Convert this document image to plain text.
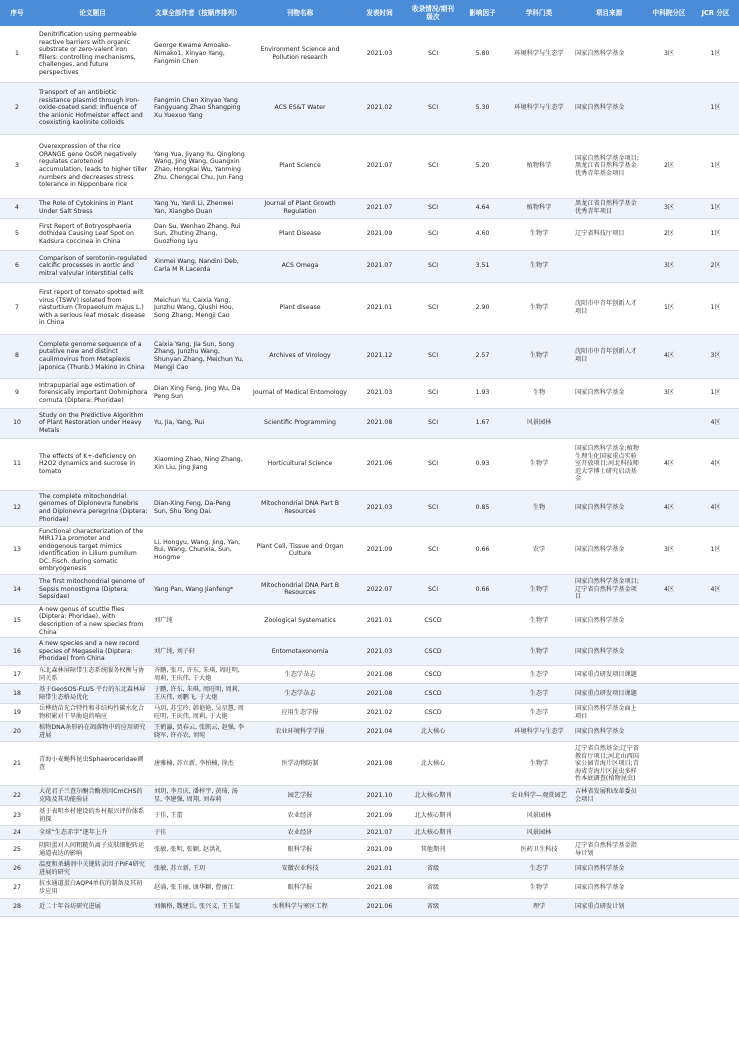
序号	论文题目	文章全部作者（按顺序排列）	刊物名称	发表时间	收录情况/期刊级次	影响因子	学科门类	项目来源	中科院分区	JCR 分区
1	Denitrification using permeable reactive barriers with organic substrate or zero-valent iron fillers: controlling mechanisms, challenges, and future perspectives	George Kwame Amoako-Nimako1, Xinyao Yang, Fangmin Chen	Environment Science and Pollution research	2021.03	SCI	5.80	环境科学与生态学	国家自然科学基金	3区	1区
2	Transport of an antibiotic resistance plasmid through iron-oxide-coated sand: Influence of the anionic Hofmeister effect and coexisting kaolinite colloids	Fangmin Chen Xinyao Yang Fangyuang Zhao Shangping Xu Yuexuo Yang	ACS ES&T Water	2021.02	SCI	5.30	环境科学与生态学	国家自然科学基金		1区
3	Overexpression of the rice ORANGE gene OsOR negatively regulates carotenoid accumulation, leads to higher tiller numbers and decreases stress tolerance in Nipponbare rice	Yang Yua, Jiyang Yu, Qinglong Wang, Jing Wang, Guangxin Zhao, Hongkai Wu, Yanming Zhu, Chengcai Chu, Jun Fang	Plant Science	2021.07	SCI	5.20	植物科学	国家自然科学基金项目;黑龙江省自然科学基金优秀青年基金项目	2区	1区
4	The Role of Cytokinins in Plant Under Salt Stress	Yang Yu, Yanli Li, Zhenwei Yan, Xiangbo Duan	Journal of Plant Growth Regulation	2021.07	SCI	4.64	植物科学	黑龙江省自然科学基金优秀青年项目	3区	1区
5	First Report of Botryosphaeria dothidea Causing Leaf Spot on Kadsura coccinea in China	Dan Su, Wenhao Zhang, Rui Sun, Zhuting Zhang, Guozhong Lyu	Plant Disease	2021.09	SCI	4.60	生物学	辽宁省科技厅项目	2区	1区
6	Comparison of serotonin-regulated calcific processes in aortic and mitral valvular interstitial cells	Xinmei Wang, Nandini Deb, Carla M R Lacerda	ACS Omega	2021.07	SCI	3.51	生物学		3区	2区
7	First report of tomato spotted wilt virus (TSWV) isolated from nasturtium (Tropaeolum majus L.) with a serious leaf mosaic disease in China	Meichun Yu, Caixia Yang, Junzhu Wang, Qiushi Hou, Song Zhang, Mengji Cao	Plant disease	2021.01	SCI	2.90	生物学	沈阳市中青年创新人才项目	1区	1区
8	Complete genome sequence of a putative new and distinct caulimovirus from Metaplexis japonica (Thunb.) Makino in China	Caixia Yang, Jia Sun, Song Zhang, Junzhu Wang, Shunyan Zhang, Meichun Yu, Mengji Cao	Archives of Virology	2021.12	SCI	2.57	生物学	沈阳市中青年创新人才项目	4区	3区
9	Intrapuparial age estimation of forensically important Dohrniphora cornuta (Diptera: Phoridae)	Dian Xing Feng, Jing Wu, Da Peng Sun	Journal of Medical Entomology	2021.03	SCI	1.93	生物	国家自然科学基金	3区	1区
10	Study on the Predictive Algorithm of Plant Restoration under Heavy Metals	Yu, Jia, Yang, Rui	Scientific Programming	2021.08	SCI	1.67	风景园林			4区
11	The effects of K+-deficiency on H2O2 dynamics and sucrose in tomato	Xiaoming Zhao, Ning Zhang, Xin Liu, Jing Jiang	Horticultural Science	2021.06	SCI	0.93	生物学	国家自然科学基金;植物生理生化国家重点实验室开放项目;河北科技师范大学博士研究启动基金	4区	4区
12	The complete mitochondrial genomes of Diplonevra funebris and Diplonevra peregrina (Diptera: Phoridae)	Dian-Xing Feng, Da-Peng Sun, Shu Tong Dai.	Mitochondrial DNA Part B Resources	2021.03	SCI	0.85	生物	国家自然科学基金	4区	4区
13	Functional characterization of the MIR171a promoter and endogenous target mimics identification in Lilium pumilum DC. Fisch. during somatic embryogenesis	Li, Hongyu, Wang, Jing, Yan, Rui, Wang, Chunxia, Sun, Hongme	Plant Cell, Tissue and Organ Culture	2021.09	SCI	0.66	农学	国家自然科学基金	3区	1区
14	The first mitochondrial genome of Sepsis monostigma (Diptera: Sepsidae)	Yang Pan, Wang Jianfeng*	Mitochondrial DNA Part B Resources	2022.07	SCI	0.66	生物学	国家自然科学基金项目;辽宁省自然科学基金项目	4区	4区
15	A new genus of scuttle flies (Diptera: Phoridae), with description of a new species from China	刘广纯	Zoological Systematics	2021.01	CSCD		生物学	国家自然科学基金		
16	A new species and a new record species of Megaselia (Diptera: Phoridae) from China	刘广纯, 刘子轩	Entomotaxonomia	2021.03	CSCD		生物学	国家自然科学基金		
17	东北森林屏障带生态系统服务权衡与协同关系	齐鹏, 张月, 许东, 朱琪, 周旺明, 周莉, 王庆伟, 于大炮	生态学杂志	2021.08	CSCD		生态学	国家重点研发项目课题		
18	基于GeoSOS-FLUS 平台的东北森林屏障带生态格局优化	于鹏, 许东, 朱琪, 周旺明, 周莉, 王庆伟, 刘鹏飞, 于大炮	生态学杂志	2021.08	CSCD		生态学	国家重点研发项目课题		
19	岳桦幼苗光合特性和非结构性碳水化合物积累对干旱胁迫的响应	马玥, 苏宝玲, 韩艳艳, 吴星慧, 周旺明, 王庆伟, 周莉, 于大炮	应用生态学报	2021.02	CSCD		生态学	国家自然科学基金面上项目		
20	植物DNA条形码在凋落物中的应用研究进展	王鹤瀛, 贾春云, 张凯云, 赵强, 李晓军, 许亦农, 刘宛	农业环境科学学报	2021.04	北大核心		环境科学与生态学	国家自然科学基金		
21	青海小麦蝇科昆虫Sphaeroceridae调查	唐雅楠, 苏立新, 李柏楠, 徐杰	医学动物防制	2021.08	北大核心		生物学	辽宁省自然基金;辽宁省教育厅项目;河北山西国家公园青海片区项目;青海省青海片区昆虫多样性本底调查(植物昆虫)		
22	大花君子兰查尔酮合酶基因CmCHS的克隆及其功能验证	刘玥, 李月庆, 潘梓宇, 黄琦, 汤星, 李建强, 周翔, 刘春莉	园艺学报	2021.10	北大核心期刊		农业科学—观赏园艺	吉林省发展和改革委员会项目		
23	基于表明乡村建设的乡村振兴评价体系初探	于佳, 王蕾	农业经济	2021.09	北大核心期刊		风景园林			
24	全球“生态赤字”逐年上升	于佳	农业经济	2021.07	北大核心期刊		风景园林			
25	阴阳蛋对人间粗糙负离子皮肤细胞转运通道表达的影响	张敏, 张明, 张颖, 赵洪礼	眼科学报	2021.09	其他期刊		医药卫生科技	辽宁省自然科学基金指导计划		
26	温度和杀螨剂中关键转录因子PIF4研究进展的研究	张敏, 苏立新, 王玥	安徽农业科技	2021.01	省级		生态学	国家自然科学基金		
27	抗水通道蛋白AQP4单抗的制备及其初步应用	赵涌, 张玉丽, 康华颖, 曹丽江	眼科学报	2021.08	省级		生物学	国家自然科学基金		
28	近二十年谷坊研究进展	刘佩格, 魏建兵, 张兴义, 王玉玺	水利科学与寒区工程	2021.06	省级		理学	国家重点研发计划		
